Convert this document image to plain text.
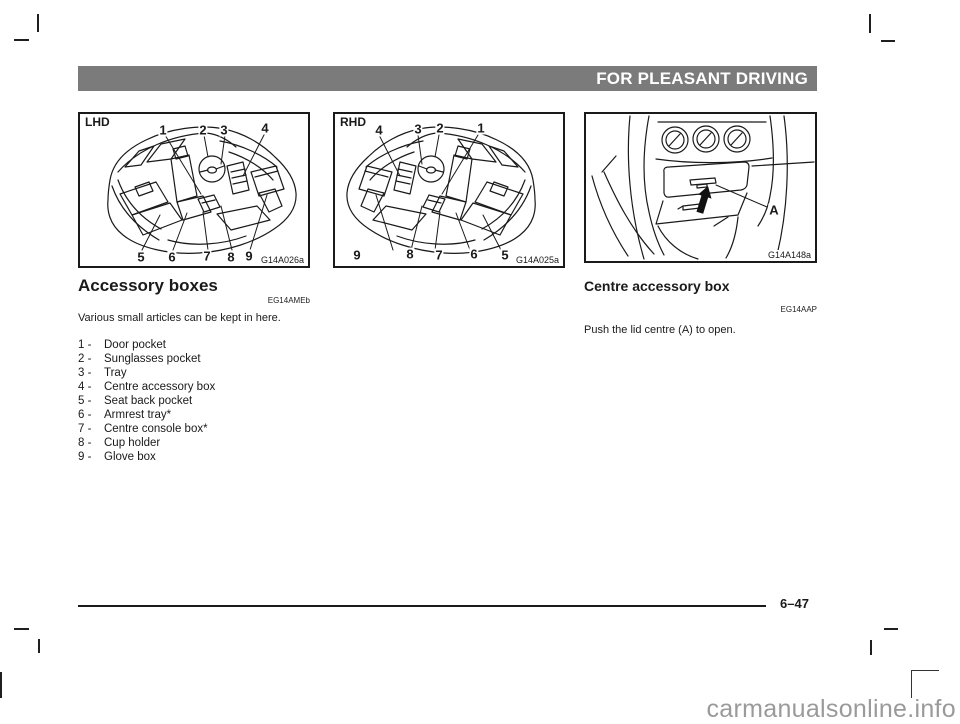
FOR PLEASANT DRIVING
1	2 3	4
5 6 7 8 9
LHD
G14A026a
4 3 2	1
9	8 7 6 5
RHD
G14A025a
A
G14A148a
Accessory boxes
EG14AMEb

Various small articles can be kept in here.

1 - Door pocket
2 - Sunglasses pocket
3 - Tray
4 - Centre accessory box
5 - Seat back pocket
6 - Armrest tray*
7 - Centre console box*
8 - Cup holder
9 - Glove box
Centre accessory box
EG14AAP

Push the lid centre (A) to open.

6–47
carmanualsonline.info
